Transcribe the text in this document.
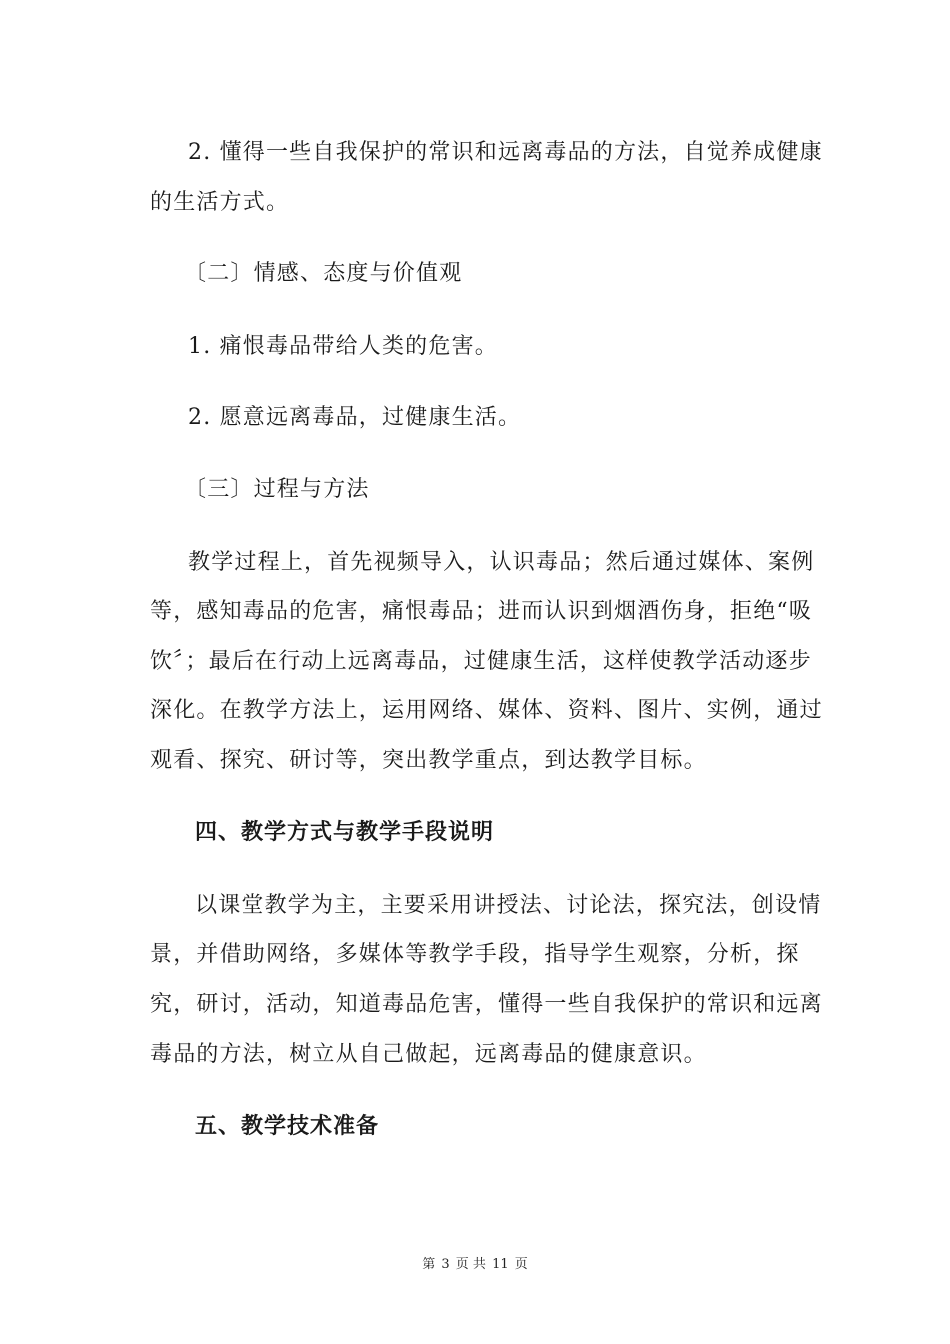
2. 懂得一些自我保护的常识和远离毒品的方法，自觉养成健康
的生活方式。
〔二〕情感、态度与价值观
1. 痛恨毒品带给人类的危害。
2. 愿意远离毒品，过健康生活。
〔三〕过程与方法
教学过程上，首先视频导入，认识毒品；然后通过媒体、案例
等，感知毒品的危害，痛恨毒品；进而认识到烟酒伤身，拒绝“吸
饮〞；最后在行动上远离毒品，过健康生活，这样使教学活动逐步
深化。在教学方法上，运用网络、媒体、资料、图片、实例，通过
观看、探究、研讨等，突出教学重点，到达教学目标。
四、教学方式与教学手段说明
以课堂教学为主，主要采用讲授法、讨论法，探究法，创设情
景，并借助网络，多媒体等教学手段，指导学生观察，分析，探
究，研讨，活动，知道毒品危害，懂得一些自我保护的常识和远离
毒品的方法，树立从自己做起，远离毒品的健康意识。
五、教学技术准备
第 3 页 共 11 页
